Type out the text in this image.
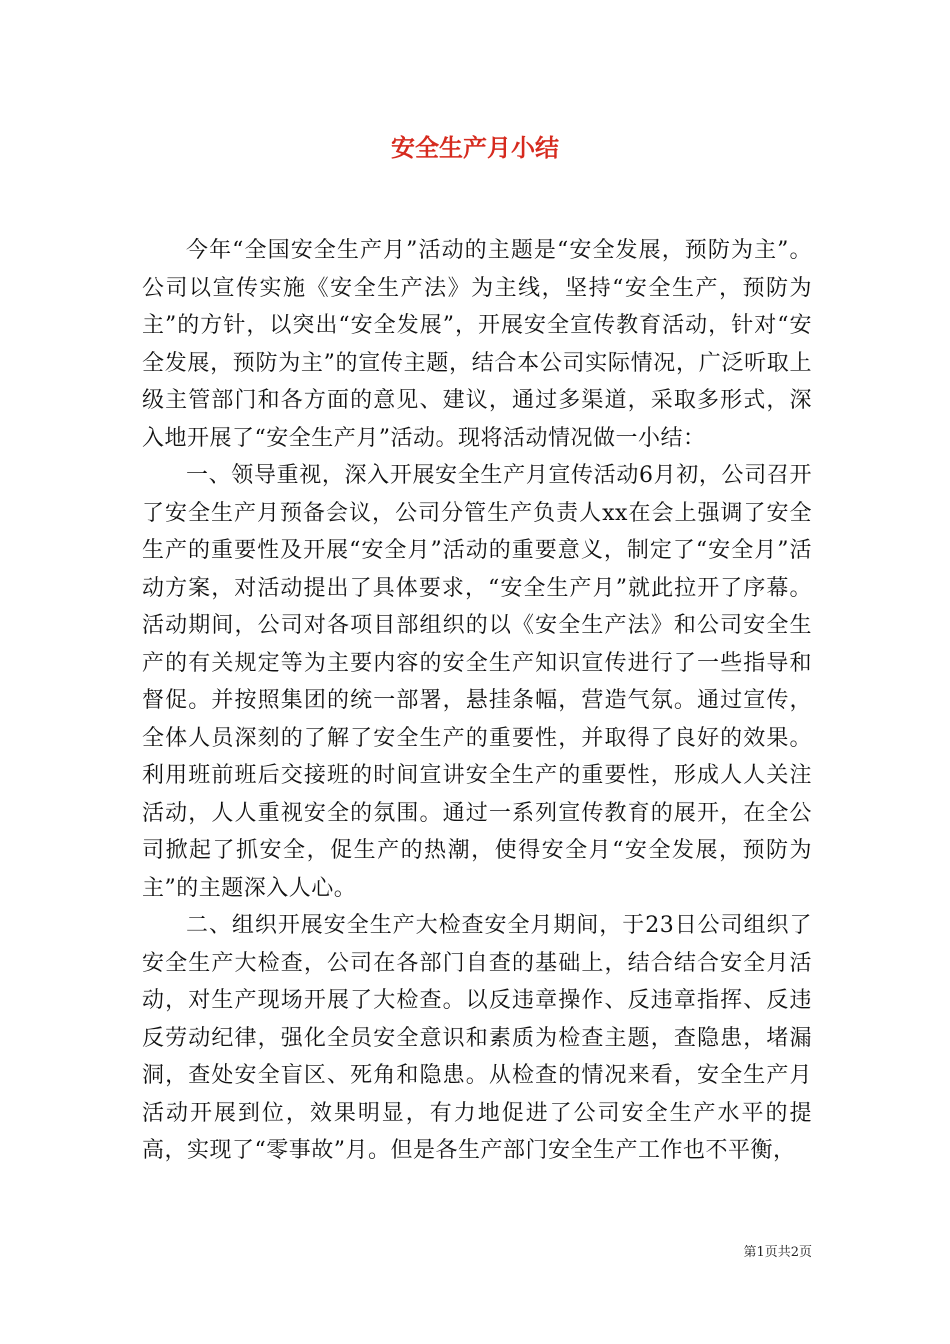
安全生产月小结

今年“全国安全生产月”活动的主题是“安全发展，预防为主”。公司以宣传实施《安全生产法》为主线，坚持“安全生产，预防为主”的方针，以突出“安全发展”，开展安全宣传教育活动，针对“安全发展，预防为主”的宣传主题，结合本公司实际情况，广泛听取上级主管部门和各方面的意见、建议，通过多渠道，采取多形式，深入地开展了“安全生产月”活动。现将活动情况做一小结：

一、领导重视，深入开展安全生产月宣传活动6月初，公司召开了安全生产月预备会议，公司分管生产负责人xx在会上强调了安全生产的重要性及开展“安全月”活动的重要意义，制定了“安全月”活动方案，对活动提出了具体要求，“安全生产月”就此拉开了序幕。活动期间，公司对各项目部组织的以《安全生产法》和公司安全生产的有关规定等为主要内容的安全生产知识宣传进行了一些指导和督促。并按照集团的统一部署，悬挂条幅，营造气氛。通过宣传，全体人员深刻的了解了安全生产的重要性，并取得了良好的效果。利用班前班后交接班的时间宣讲安全生产的重要性，形成人人关注活动，人人重视安全的氛围。通过一系列宣传教育的展开，在全公司掀起了抓安全，促生产的热潮，使得安全月“安全发展，预防为主”的主题深入人心。

二、组织开展安全生产大检查安全月期间，于23日公司组织了安全生产大检查，公司在各部门自查的基础上，结合结合安全月活动，对生产现场开展了大检查。以反违章操作、反违章指挥、反违反劳动纪律，强化全员安全意识和素质为检查主题，查隐患，堵漏洞，查处安全盲区、死角和隐患。从检查的情况来看，安全生产月活动开展到位，效果明显，有力地促进了公司安全生产水平的提高，实现了“零事故”月。但是各生产部门安全生产工作也不平衡，

第1页共2页
